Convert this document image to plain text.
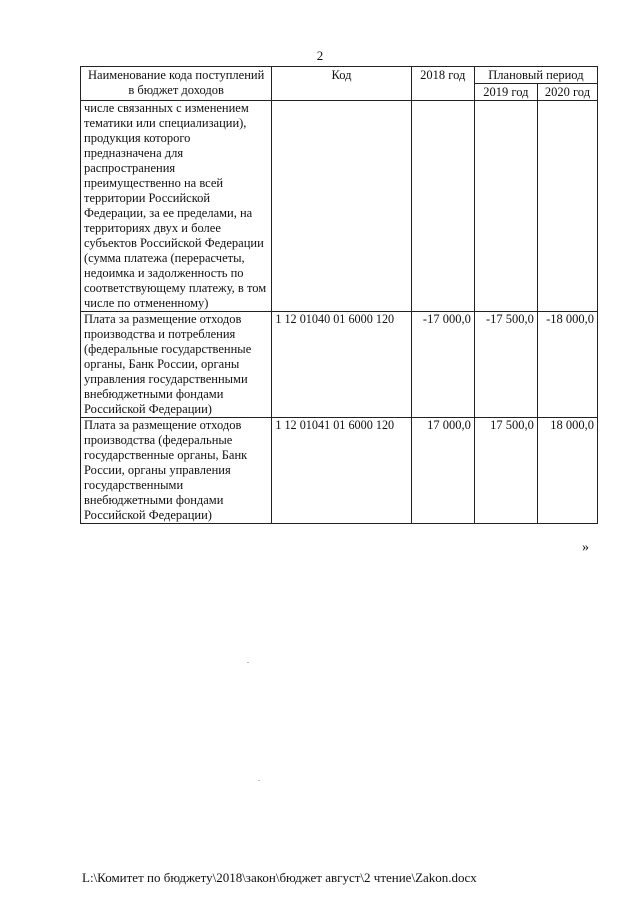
2
Наименование кода поступлений в бюджет доходов	Код	2018 год	Плановый период	
			2019 год	2020 год
числе связанных с изменением тематики или специализации), продукция которого предназначена для распространения преимущественно на всей территории Российской Федерации, за ее пределами, на территориях двух и более субъектов Российской Федерации (сумма платежа (перерасчеты, недоимка и задолженность по соответствующему платежу, в том числе по отмененному)				
Плата за размещение отходов производства и потребления (федеральные государственные органы, Банк России, органы управления государственными внебюджетными фондами Российской Федерации)	1 12 01040 01 6000 120	-17 000,0	-17 500,0	-18 000,0
Плата за размещение отходов производства (федеральные государственные органы, Банк России, органы управления государственными внебюджетными фондами Российской Федерации)	1 12 01041 01 6000 120	17 000,0	17 500,0	18 000,0
»
L:\Комитет по бюджету\2018\закон\бюджет август\2 чтение\Zakon.docx
